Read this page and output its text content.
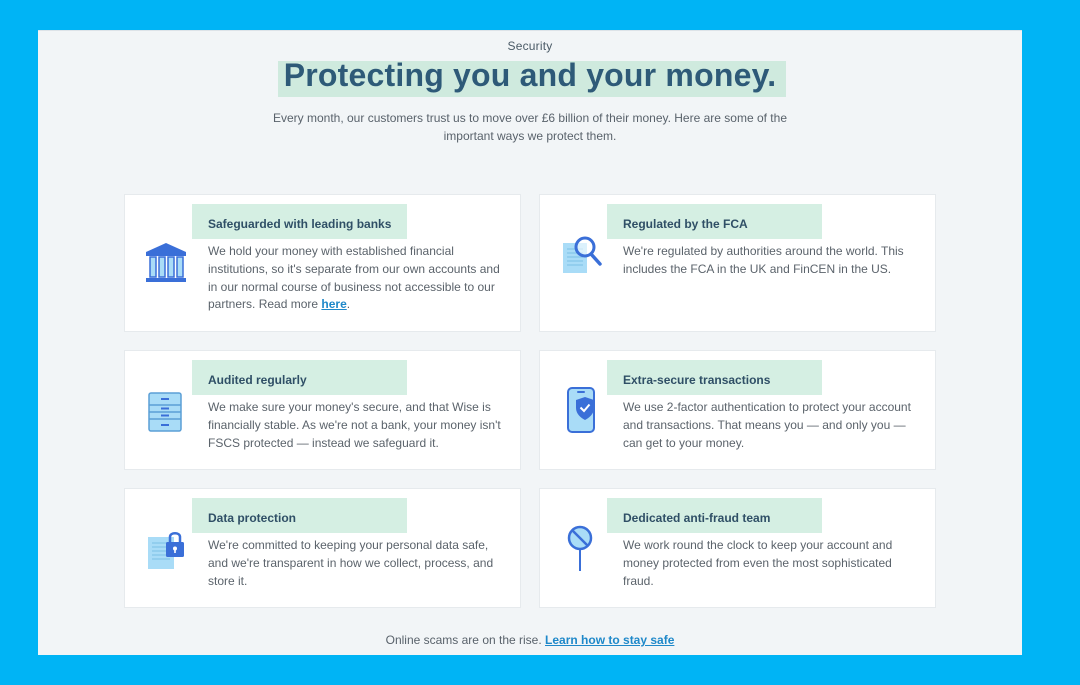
Security
Protecting you and your money.
Every month, our customers trust us to move over £6 billion of their money. Here are some of the important ways we protect them.
Safeguarded with leading banks
We hold your money with established financial institutions, so it's separate from our own accounts and in our normal course of business not accessible to our partners. Read more here.
Regulated by the FCA
We're regulated by authorities around the world. This includes the FCA in the UK and FinCEN in the US.
Audited regularly
We make sure your money's secure, and that Wise is financially stable. As we're not a bank, your money isn't FSCS protected — instead we safeguard it.
Extra-secure transactions
We use 2-factor authentication to protect your account and transactions. That means you — and only you — can get to your money.
Data protection
We're committed to keeping your personal data safe, and we're transparent in how we collect, process, and store it.
Dedicated anti-fraud team
We work round the clock to keep your account and money protected from even the most sophisticated fraud.
Online scams are on the rise. Learn how to stay safe
